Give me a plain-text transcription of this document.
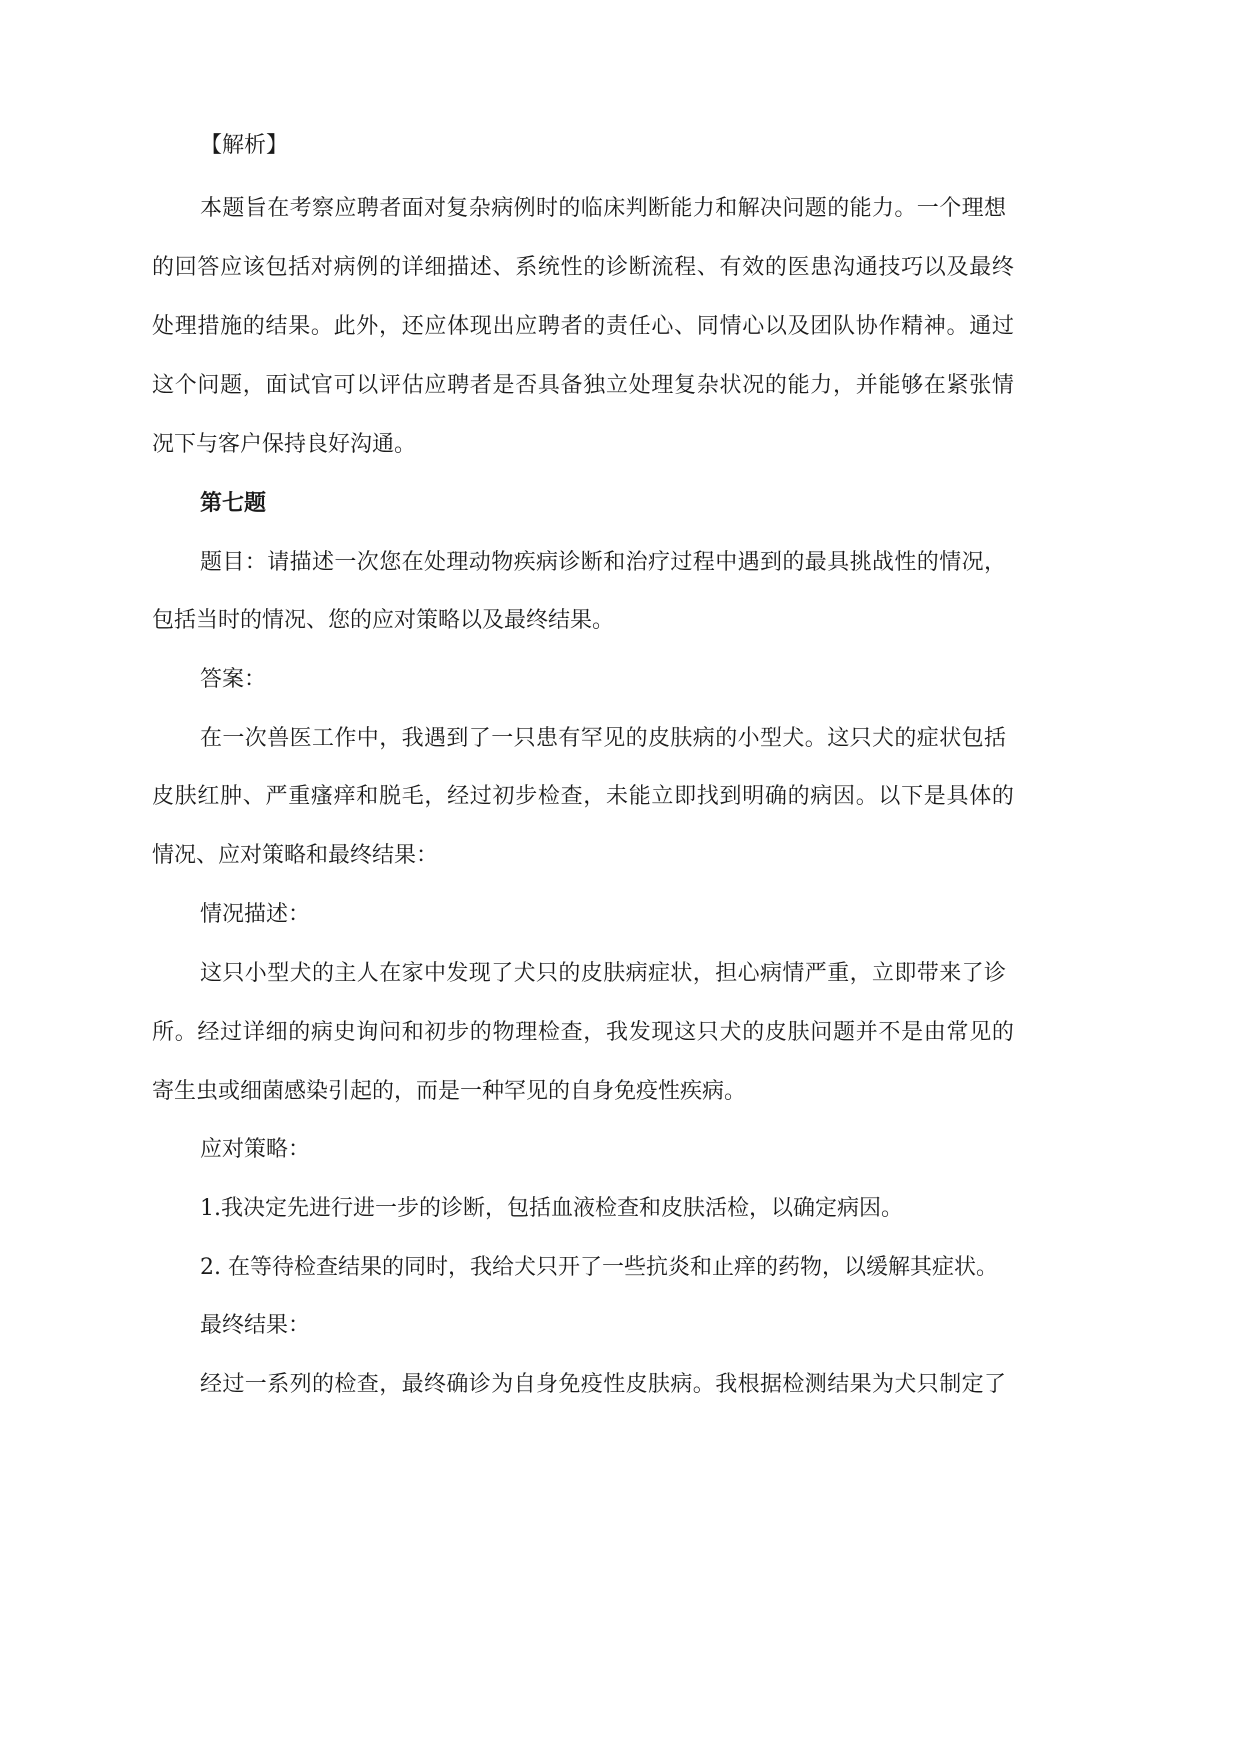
【解析】
本题旨在考察应聘者面对复杂病例时的临床判断能力和解决问题的能力。一个理想
的回答应该包括对病例的详细描述、系统性的诊断流程、有效的医患沟通技巧以及最终
处理措施的结果。此外，还应体现出应聘者的责任心、同情心以及团队协作精神。通过
这个问题，面试官可以评估应聘者是否具备独立处理复杂状况的能力，并能够在紧张情
况下与客户保持良好沟通。
第七题
题目：请描述一次您在处理动物疾病诊断和治疗过程中遇到的最具挑战性的情况，
包括当时的情况、您的应对策略以及最终结果。
答案：
在一次兽医工作中，我遇到了一只患有罕见的皮肤病的小型犬。这只犬的症状包括
皮肤红肿、严重瘙痒和脱毛，经过初步检查，未能立即找到明确的病因。以下是具体的
情况、应对策略和最终结果：
情况描述：
这只小型犬的主人在家中发现了犬只的皮肤病症状，担心病情严重，立即带来了诊
所。经过详细的病史询问和初步的物理检查，我发现这只犬的皮肤问题并不是由常见的
寄生虫或细菌感染引起的，而是一种罕见的自身免疫性疾病。
应对策略：
1.我决定先进行进一步的诊断，包括血液检查和皮肤活检，以确定病因。
2. 在等待检查结果的同时，我给犬只开了一些抗炎和止痒的药物，以缓解其症状。
最终结果：
经过一系列的检查，最终确诊为自身免疫性皮肤病。我根据检测结果为犬只制定了
